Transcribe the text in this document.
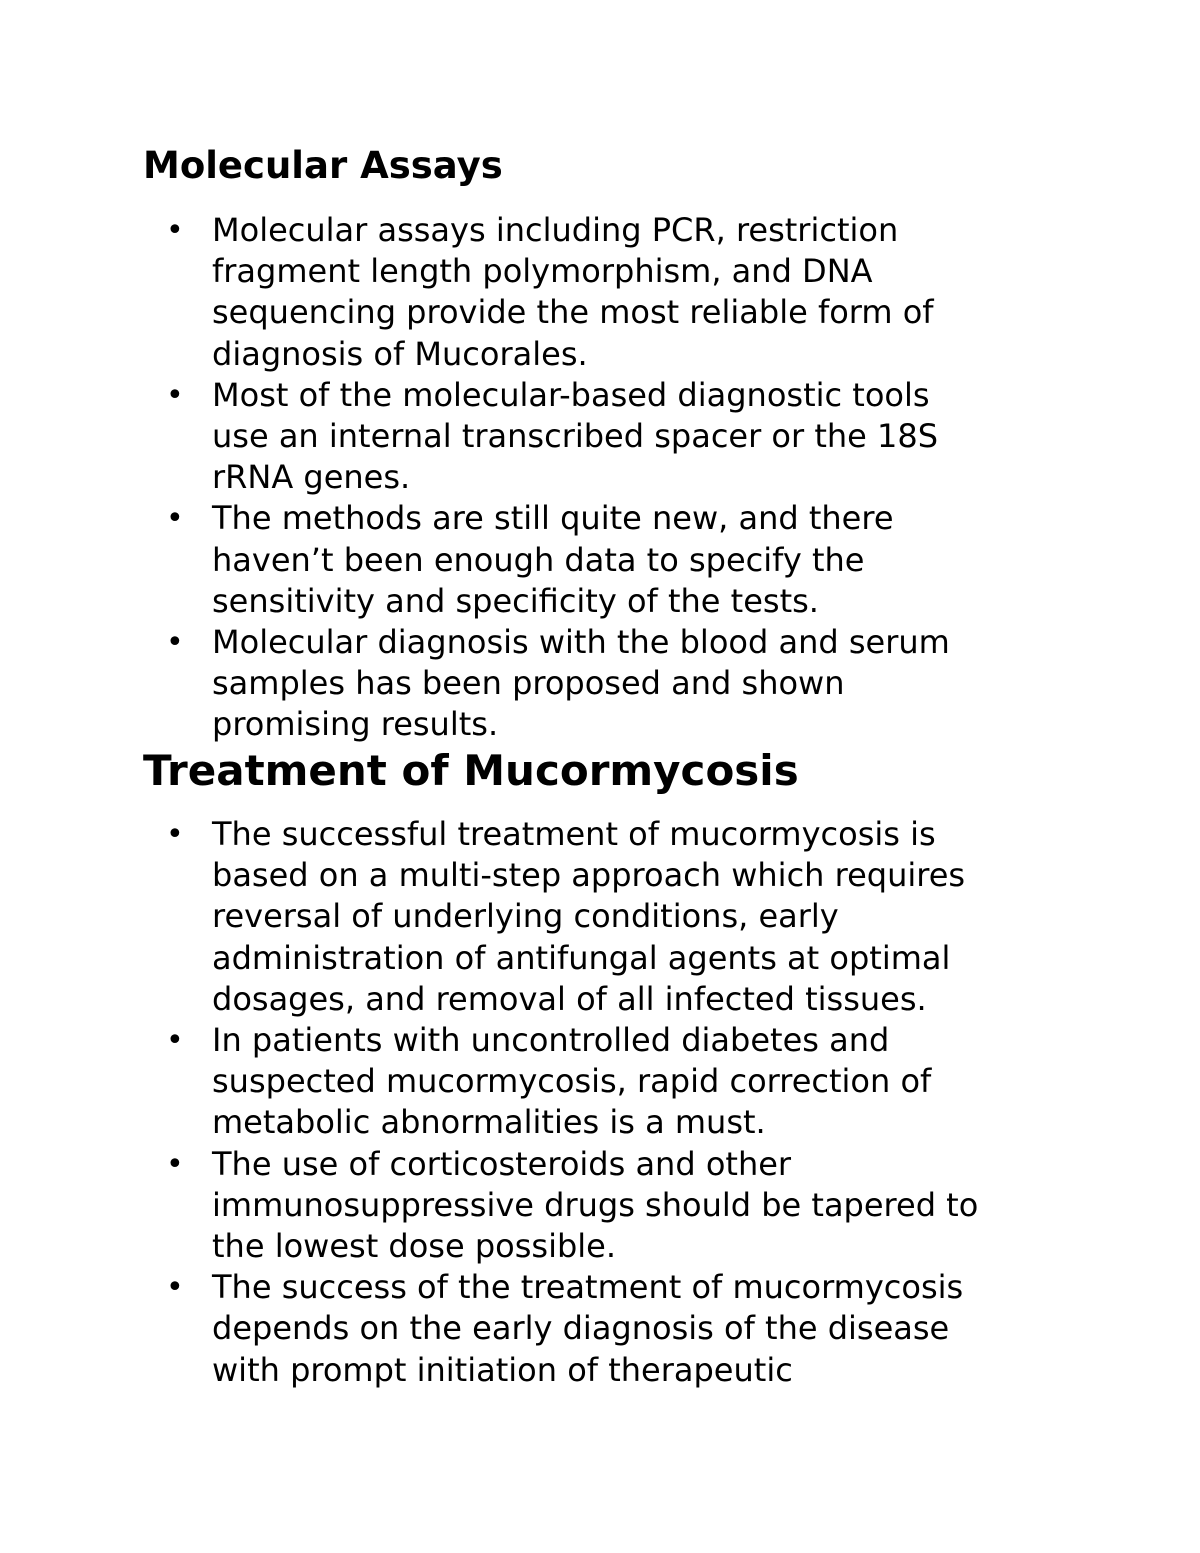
Molecular Assays
• Molecular assays including PCR, restriction
fragment length polymorphism, and DNA
sequencing provide the most reliable form of
diagnosis of Mucorales.
• Most of the molecular-based diagnostic tools
use an internal transcribed spacer or the 18S
rRNA genes.
• The methods are still quite new, and there
haven’t been enough data to specify the
sensitivity and specificity of the tests.
• Molecular diagnosis with the blood and serum
samples has been proposed and shown
promising results.
Treatment of Mucormycosis
• The successful treatment of mucormycosis is
based on a multi-step approach which requires
reversal of underlying conditions, early
administration of antifungal agents at optimal
dosages, and removal of all infected tissues.
• In patients with uncontrolled diabetes and
suspected mucormycosis, rapid correction of
metabolic abnormalities is a must.
• The use of corticosteroids and other
immunosuppressive drugs should be tapered to
the lowest dose possible.
• The success of the treatment of mucormycosis
depends on the early diagnosis of the disease
with prompt initiation of therapeutic
